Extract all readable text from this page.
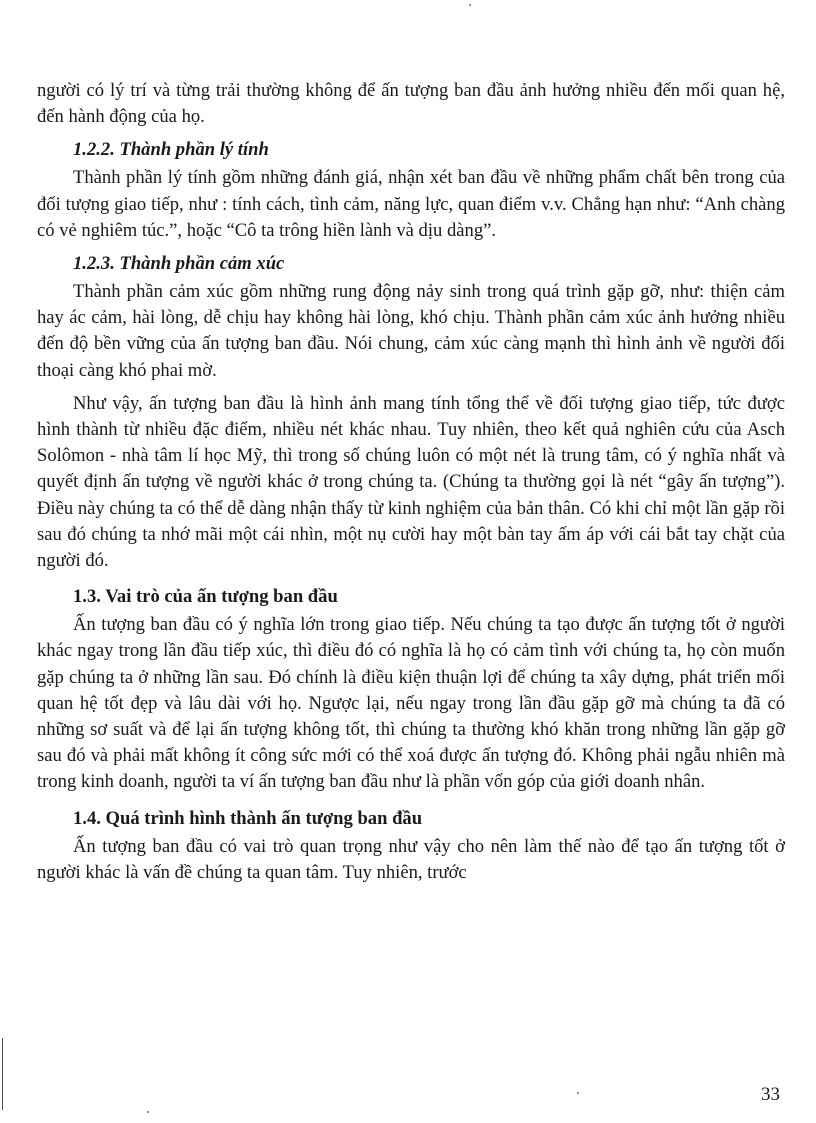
người có lý trí và từng trải thường không để ấn tượng ban đầu ảnh hưởng nhiều đến mối quan hệ, đến hành động của họ.

1.2.2. Thành phần lý tính

Thành phần lý tính gồm những đánh giá, nhận xét ban đầu về những phẩm chất bên trong của đối tượng giao tiếp, như : tính cách, tình cảm, năng lực, quan điểm v.v. Chẳng hạn như: “Anh chàng có vẻ nghiêm túc.”, hoặc “Cô ta trông hiền lành và dịu dàng”.

1.2.3. Thành phần cảm xúc

Thành phần cảm xúc gồm những rung động nảy sinh trong quá trình gặp gỡ, như: thiện cảm hay ác cảm, hài lòng, dễ chịu hay không hài lòng, khó chịu. Thành phần cảm xúc ảnh hưởng nhiều đến độ bền vững của ấn tượng ban đầu. Nói chung, cảm xúc càng mạnh thì hình ảnh về người đối thoại càng khó phai mờ.

Như vậy, ấn tượng ban đầu là hình ảnh mang tính tổng thể về đối tượng giao tiếp, tức được hình thành từ nhiều đặc điểm, nhiều nét khác nhau. Tuy nhiên, theo kết quả nghiên cứu của Asch Solômon - nhà tâm lí học Mỹ, thì trong số chúng luôn có một nét là trung tâm, có ý nghĩa nhất và quyết định ấn tượng về người khác ở trong chúng ta. (Chúng ta thường gọi là nét “gây ấn tượng”). Điều này chúng ta có thể dễ dàng nhận thấy từ kinh nghiệm của bản thân. Có khi chỉ một lần gặp rồi sau đó chúng ta nhớ mãi một cái nhìn, một nụ cười hay một bàn tay ấm áp với cái bắt tay chặt của người đó.

1.3. Vai trò của ấn tượng ban đầu

Ấn tượng ban đầu có ý nghĩa lớn trong giao tiếp. Nếu chúng ta tạo được ấn tượng tốt ở người khác ngay trong lần đầu tiếp xúc, thì điều đó có nghĩa là họ có cảm tình với chúng ta, họ còn muốn gặp chúng ta ở những lần sau. Đó chính là điều kiện thuận lợi để chúng ta xây dựng, phát triển mối quan hệ tốt đẹp và lâu dài với họ. Ngược lại, nếu ngay trong lần đầu gặp gỡ mà chúng ta đã có những sơ suất và để lại ấn tượng không tốt, thì chúng ta thường khó khăn trong những lần gặp gỡ sau đó và phải mất không ít công sức mới có thể xoá được ấn tượng đó. Không phải ngẫu nhiên mà trong kinh doanh, người ta ví ấn tượng ban đầu như là phần vốn góp của giới doanh nhân.

1.4. Quá trình hình thành ấn tượng ban đầu

Ấn tượng ban đầu có vai trò quan trọng như vậy cho nên làm thế nào để tạo ấn tượng tốt ở người khác là vấn đề chúng ta quan tâm. Tuy nhiên, trước

33
